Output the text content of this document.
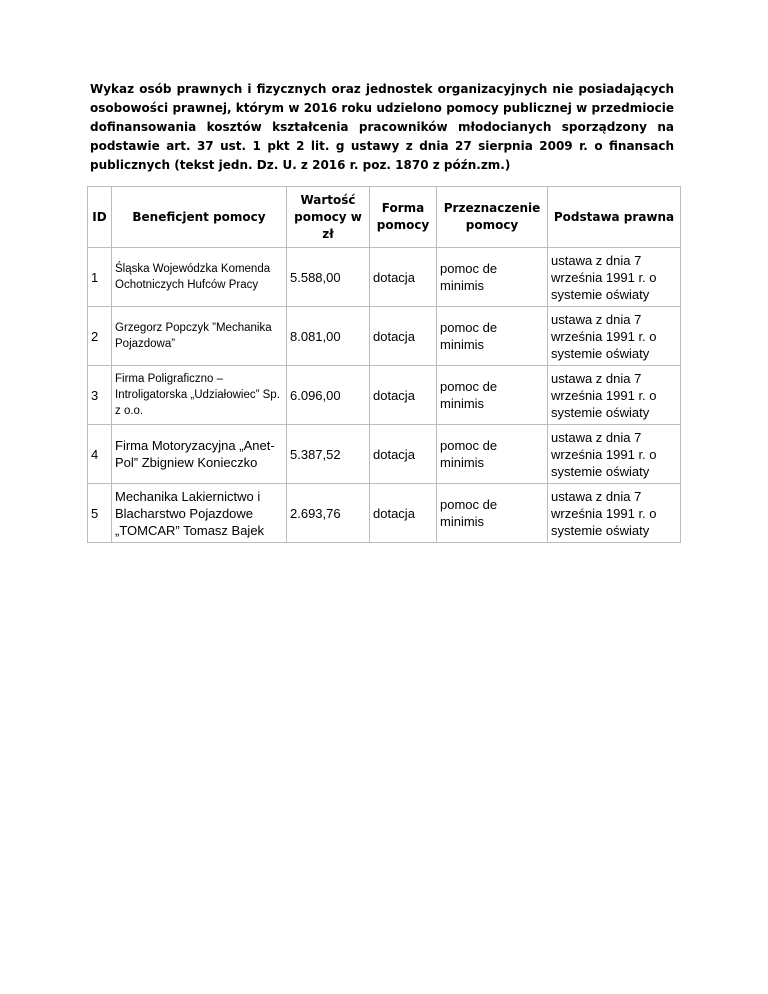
Wykaz osób prawnych i fizycznych oraz jednostek organizacyjnych nie posiadających osobowości prawnej, którym w 2016 roku udzielono pomocy publicznej w przedmiocie dofinansowania kosztów kształcenia pracowników młodocianych sporządzony na podstawie art. 37 ust. 1 pkt 2 lit. g ustawy z dnia 27 sierpnia 2009 r. o finansach publicznych (tekst jedn. Dz. U. z 2016 r. poz. 1870 z późn.zm.)

ID	Beneficjent pomocy	Wartość pomocy w zł	Forma pomocy	Przeznaczenie pomocy	Podstawa prawna
1	Śląska Wojewódzka Komenda Ochotniczych Hufców Pracy	5.588,00	dotacja	pomoc de minimis	ustawa z dnia 7 września 1991 r. o systemie oświaty
2	Grzegorz Popczyk ”Mechanika Pojazdowa”	8.081,00	dotacja	pomoc de minimis	ustawa z dnia 7 września 1991 r. o systemie oświaty
3	Firma Poligraficzno – Introligatorska „Udziałowiec” Sp. z o.o.	6.096,00	dotacja	pomoc de minimis	ustawa z dnia 7 września 1991 r. o systemie oświaty
4	Firma Motoryzacyjna „Anet-Pol” Zbigniew Konieczko	5.387,52	dotacja	pomoc de minimis	ustawa z dnia 7 września 1991 r. o systemie oświaty
5	Mechanika Lakiernictwo i Blacharstwo Pojazdowe „TOMCAR” Tomasz Bajek	2.693,76	dotacja	pomoc de minimis	ustawa z dnia 7 września 1991 r. o systemie oświaty
